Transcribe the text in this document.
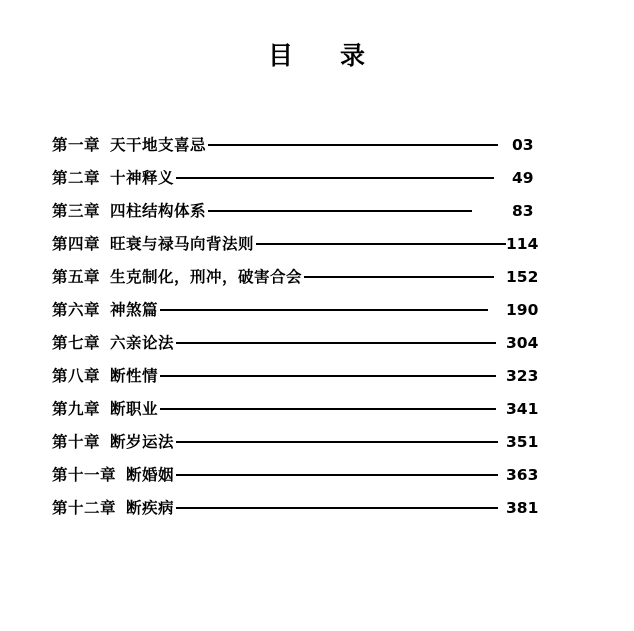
目 录
第一章 天干地支喜忌	03
第二章 十神释义	49
第三章 四柱结构体系	83
第四章 旺衰与禄马向背法则	114
第五章 生克制化，刑冲，破害合会	152
第六章 神煞篇	190
第七章 六亲论法	304
第八章 断性情	323
第九章 断职业	341
第十章 断岁运法	351
第十一章 断婚姻	363
第十二章 断疾病	381
